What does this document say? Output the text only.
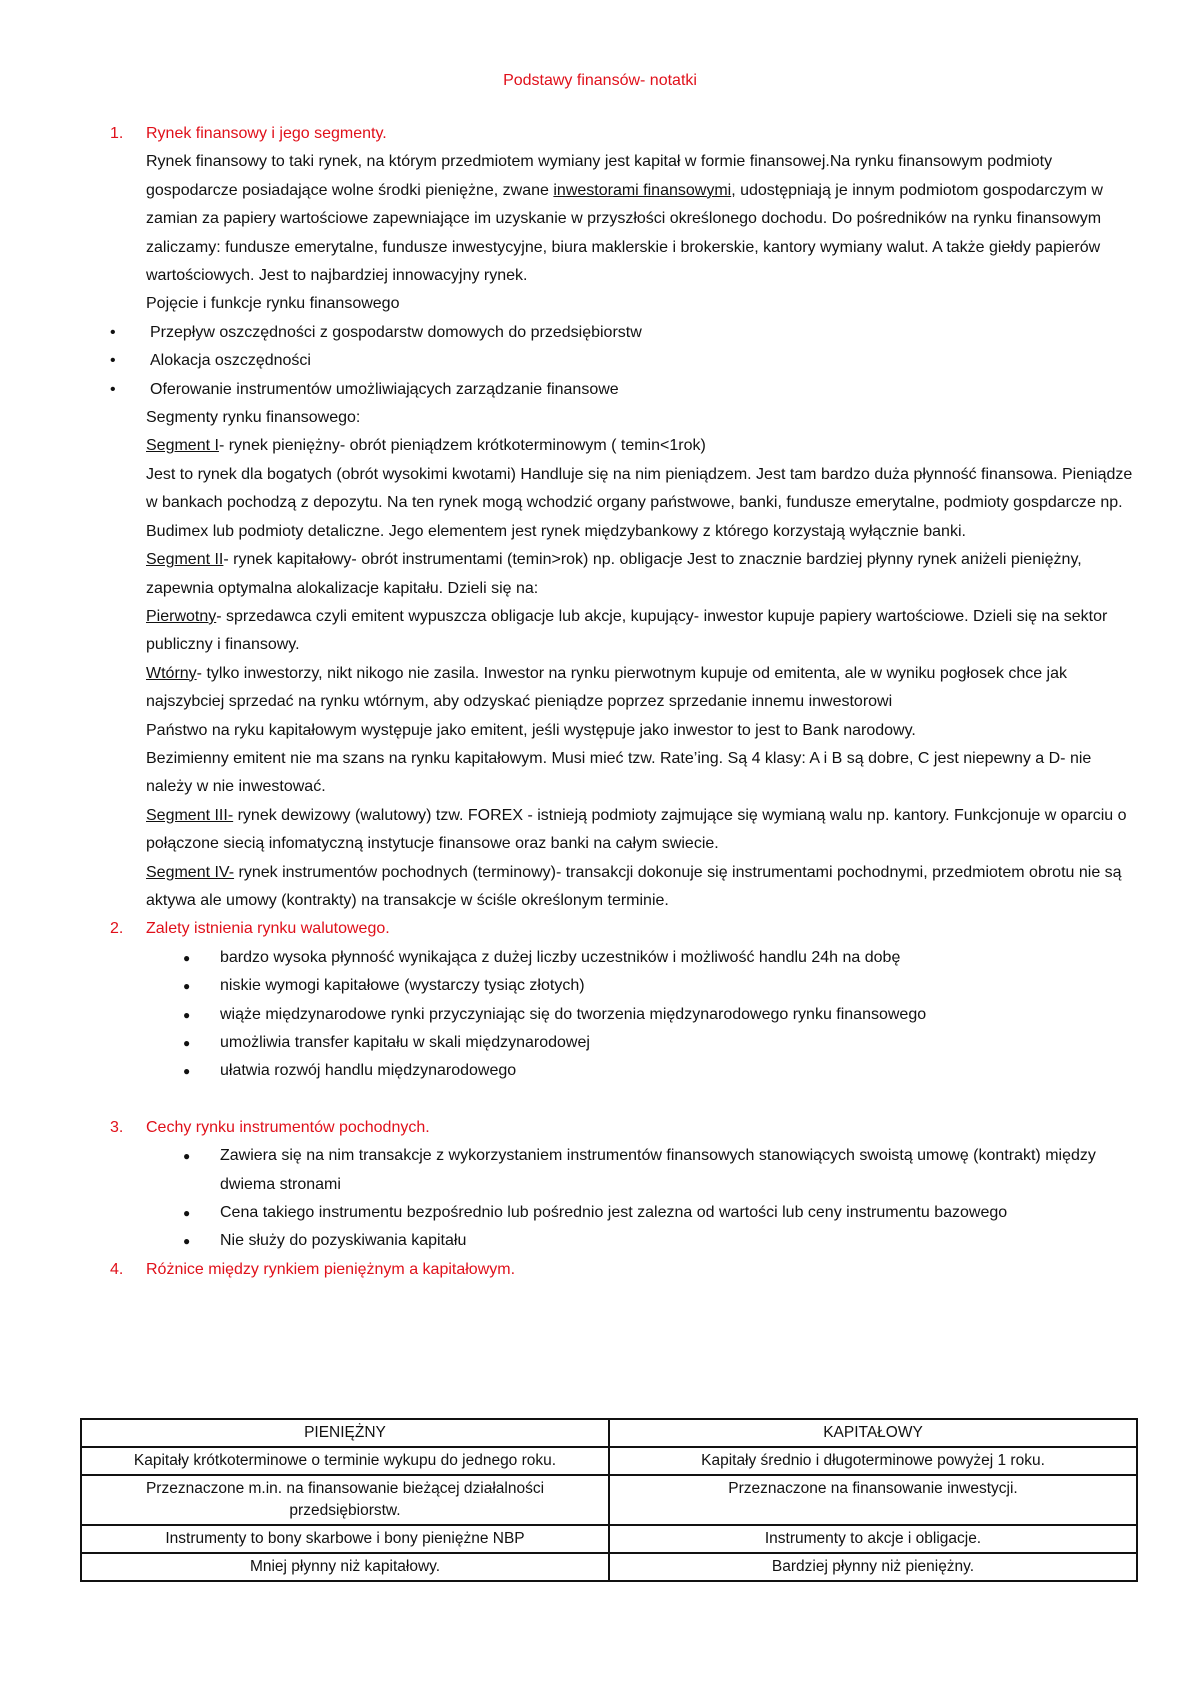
Podstawy finansów- notatki
1. Rynek finansowy i jego segmenty.
Rynek finansowy to taki rynek, na którym przedmiotem wymiany jest kapitał w formie finansowej.Na rynku finansowym podmioty gospodarcze posiadające wolne środki pieniężne, zwane inwestorami finansowymi, udostępniają je innym podmiotom gospodarczym w zamian za papiery wartościowe zapewniające im uzyskanie w przyszłości określonego dochodu. Do pośredników na rynku finansowym zaliczamy: fundusze emerytalne, fundusze inwestycyjne, biura maklerskie i brokerskie, kantory wymiany walut. A także giełdy papierów wartościowych. Jest to najbardziej innowacyjny rynek.
Pojęcie i funkcje rynku finansowego
• Przepływ oszczędności z gospodarstw domowych do przedsiębiorstw
• Alokacja oszczędności
• Oferowanie instrumentów umożliwiających zarządzanie finansowe
Segmenty rynku finansowego:
Segment I- rynek pieniężny- obrót pieniądzem krótkoterminowym ( temin<1rok)
Jest to rynek dla bogatych (obrót wysokimi kwotami) Handluje się na nim pieniądzem. Jest tam bardzo duża płynność finansowa. Pieniądze w bankach pochodzą z depozytu. Na ten rynek mogą wchodzić organy państwowe, banki, fundusze emerytalne, podmioty gospdarcze np. Budimex lub podmioty detaliczne. Jego elementem jest rynek międzybankowy z którego korzystają wyłącznie banki.
Segment II- rynek kapitałowy- obrót instrumentami (temin>rok) np. obligacje Jest to znacznie bardziej płynny rynek aniżeli pieniężny, zapewnia optymalna alokalizacje kapitału. Dzieli się na:
Pierwotny- sprzedawca czyli emitent wypuszcza obligacje lub akcje, kupujący- inwestor kupuje papiery wartościowe. Dzieli się na sektor publiczny i finansowy.
Wtórny- tylko inwestorzy, nikt nikogo nie zasila. Inwestor na rynku pierwotnym kupuje od emitenta, ale w wyniku pogłosek chce jak najszybciej sprzedać na rynku wtórnym, aby odzyskać pieniądze poprzez sprzedanie innemu inwestorowi
Państwo na ryku kapitałowym występuje jako emitent, jeśli występuje jako inwestor to jest to Bank narodowy.
Bezimienny emitent nie ma szans na rynku kapitałowym. Musi mieć tzw. Rate’ing. Są 4 klasy: A i B są dobre, C jest niepewny a D- nie należy w nie inwestować.
Segment III- rynek dewizowy (walutowy) tzw. FOREX - istnieją podmioty zajmujące się wymianą walu np. kantory. Funkcjonuje w oparciu o połączone siecią infomatyczną instytucje finansowe oraz banki na całym swiecie.
Segment IV- rynek instrumentów pochodnych (terminowy)- transakcji dokonuje się instrumentami pochodnymi, przedmiotem obrotu nie są aktywa ale umowy (kontrakty) na transakcje w ściśle określonym terminie.
2. Zalety istnienia rynku walutowego.
● bardzo wysoka płynność wynikająca z dużej liczby uczestników i możliwość handlu 24h na dobę
● niskie wymogi kapitałowe (wystarczy tysiąc złotych)
● wiąże międzynarodowe rynki przyczyniając się do tworzenia międzynarodowego rynku finansowego
● umożliwia transfer kapitału w skali międzynarodowej
● ułatwia rozwój handlu międzynarodowego
3. Cechy rynku instrumentów pochodnych.
● Zawiera się na nim transakcje z wykorzystaniem instrumentów finansowych stanowiących swoistą umowę (kontrakt) między dwiema stronami
● Cena takiego instrumentu bezpośrednio lub pośrednio jest zalezna od wartości lub ceny instrumentu bazowego
● Nie służy do pozyskiwania kapitału
4. Różnice między rynkiem pieniężnym a kapitałowym.
PIENIĘŻNY	KAPITAŁOWY
Kapitały krótkoterminowe o terminie wykupu do jednego roku.	Kapitały średnio i długoterminowe powyżej 1 roku.
Przeznaczone m.in. na finansowanie bieżącej działalności przedsiębiorstw.	Przeznaczone na finansowanie inwestycji.
Instrumenty to bony skarbowe i bony pieniężne NBP	Instrumenty to akcje i obligacje.
Mniej płynny niż kapitałowy.	Bardziej płynny niż pieniężny.
